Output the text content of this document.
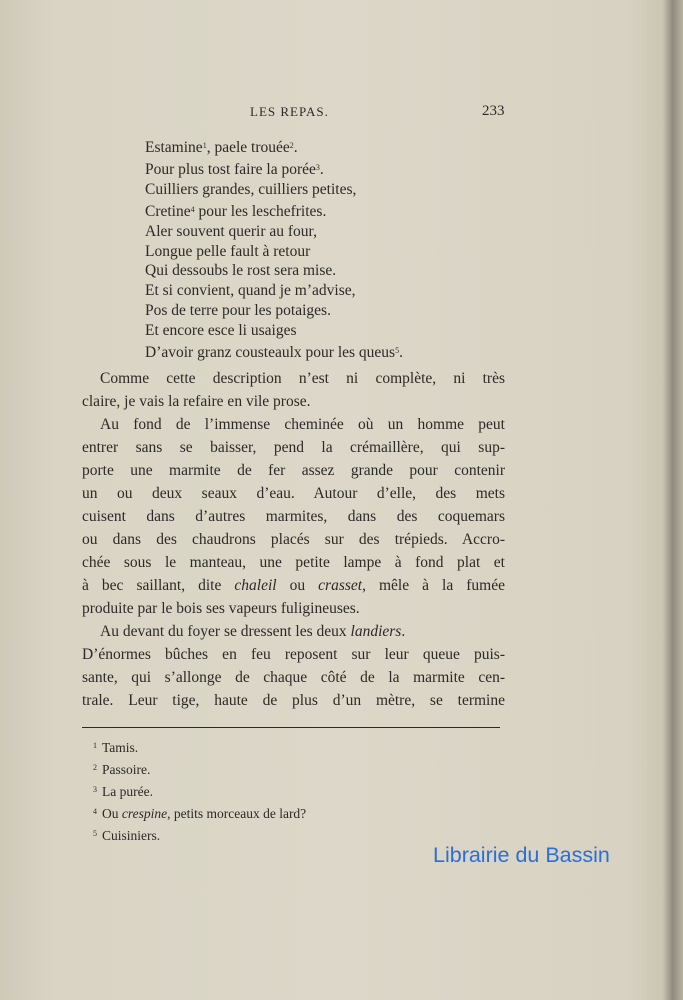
LES REPAS.	233
Estamine$^1$, paele trouée$^2$.
Pour plus tost faire la porée$^3$.
Cuilliers grandes, cuilliers petites,
Cretine$^4$ pour les leschefrites.
Aler souvent querir au four,
Longue pelle fault à retour
Qui dessoubs le rost sera mise.
Et si convient, quand je m’advise,
Pos de terre pour les potaiges.
Et encore esce li usaiges
D’avoir granz cousteaulx pour les queus$^5$.
Comme cette description n’est ni complète, ni très
claire, je vais la refaire en vile prose.
Au fond de l’immense cheminée où un homme peut
entrer sans se baisser, pend la crémaillère, qui sup-
porte une marmite de fer assez grande pour contenir
un ou deux seaux d’eau. Autour d’elle, des mets
cuisent dans d’autres marmites, dans des coquemars
ou dans des chaudrons placés sur des trépieds. Accro-
chée sous le manteau, une petite lampe à fond plat et
à bec saillant, dite chaleil ou crasset, mêle à la fumée
produite par le bois ses vapeurs fuligineuses.
Au devant du foyer se dressent les deux landiers.
D’énormes bûches en feu reposent sur leur queue puis-
sante, qui s’allonge de chaque côté de la marmite cen-
trale. Leur tige, haute de plus d’un mètre, se termine
$^1$ Tamis.
$^2$ Passoire.
$^3$ La purée.
$^4$ Ou crespine, petits morceaux de lard?
$^5$ Cuisiniers.
Librairie du Bassin
